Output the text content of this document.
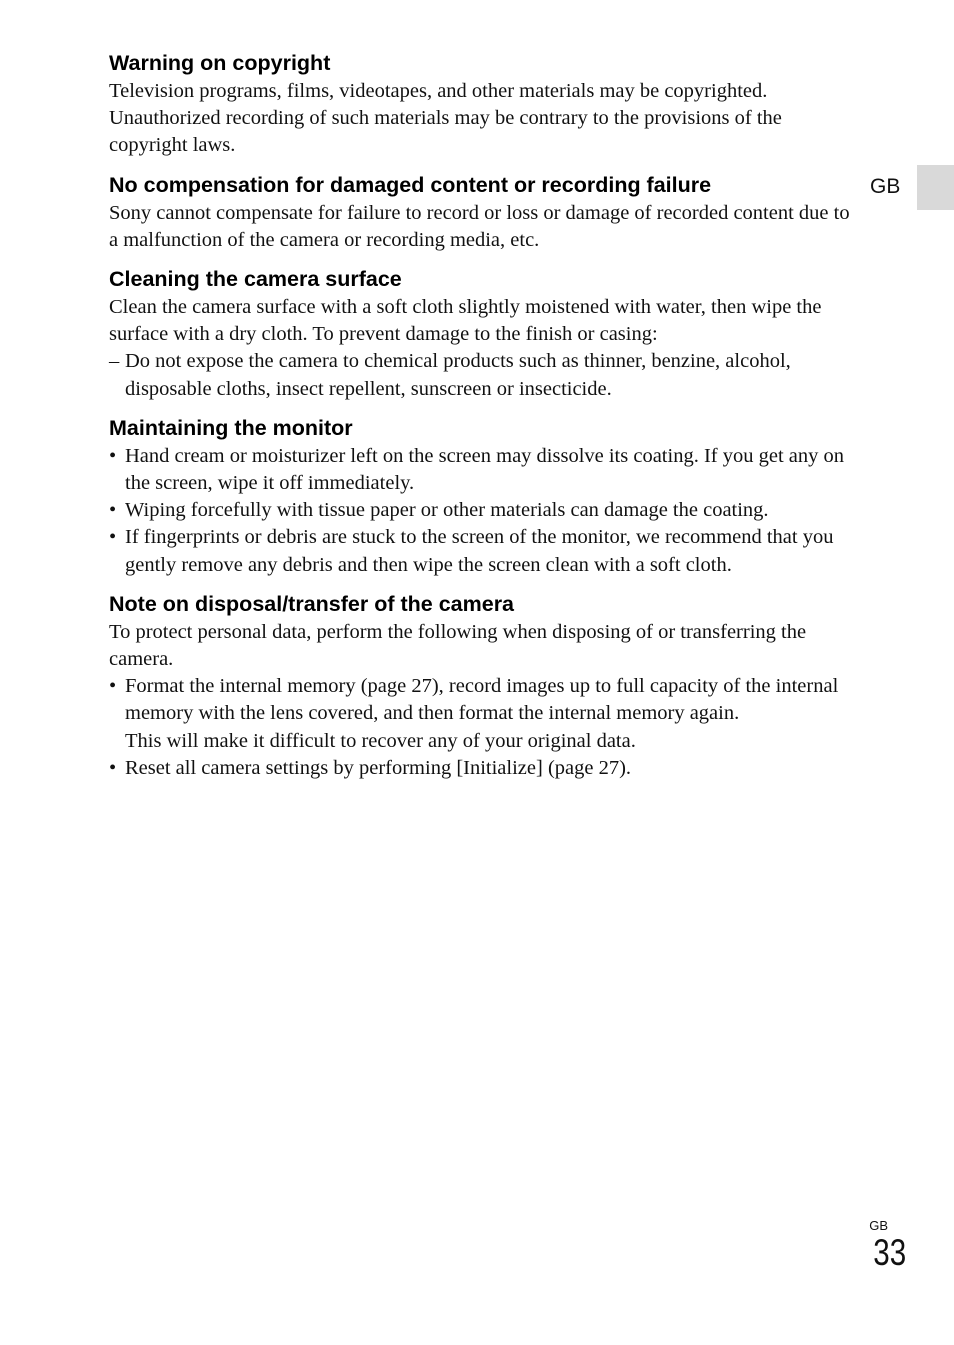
GB
Warning on copyright

Television programs, films, videotapes, and other materials may be copyrighted. Unauthorized recording of such materials may be contrary to the provisions of the copyright laws.

No compensation for damaged content or recording failure

Sony cannot compensate for failure to record or loss or damage of recorded content due to a malfunction of the camera or recording media, etc.

Cleaning the camera surface

Clean the camera surface with a soft cloth slightly moistened with water, then wipe the surface with a dry cloth. To prevent damage to the finish or casing:

– Do not expose the camera to chemical products such as thinner, benzine, alcohol, disposable cloths, insect repellent, sunscreen or insecticide.
Maintaining the monitor
• Hand cream or moisturizer left on the screen may dissolve its coating. If you get any on the screen, wipe it off immediately.
• Wiping forcefully with tissue paper or other materials can damage the coating.
• If fingerprints or debris are stuck to the screen of the monitor, we recommend that you gently remove any debris and then wipe the screen clean with a soft cloth.
Note on disposal/transfer of the camera

To protect personal data, perform the following when disposing of or transferring the camera.

• Format the internal memory (page 27), record images up to full capacity of the internal memory with the lens covered, and then format the internal memory again.
This will make it difficult to recover any of your original data.
• Reset all camera settings by performing [Initialize] (page 27).
GB
33
